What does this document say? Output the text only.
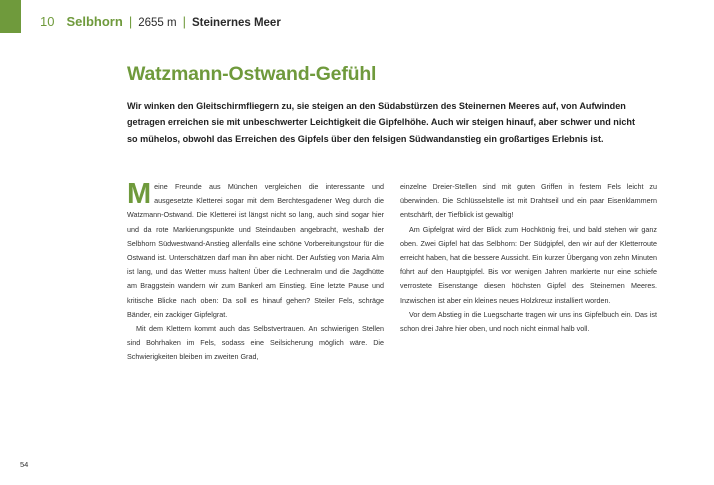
10 Selbhorn | 2655 m | Steinernes Meer
Watzmann-Ostwand-Gefühl

Wir winken den Gleitschirmfliegern zu, sie steigen an den Südabstürzen des Steinernen Meeres auf, von Aufwinden getragen erreichen sie mit unbeschwerter Leichtigkeit die Gipfelhöhe. Auch wir steigen hinauf, aber schwer und nicht so mühelos, obwohl das Erreichen des Gipfels über den felsigen Südwandanstieg ein großartiges Erlebnis ist.

Meine Freunde aus München vergleichen die interessante und ausgesetzte Kletterei sogar mit dem Berchtesgadener Weg durch die Watzmann-Ostwand. Die Kletterei ist längst nicht so lang, auch sind sogar hier und da rote Markierungspunkte und Steindauben angebracht, weshalb der Selbhorn Südwestwand-Anstieg allenfalls eine schöne Vorbereitungstour für die Ostwand ist. Unterschätzen darf man ihn aber nicht. Der Aufstieg von Maria Alm ist lang, und das Wetter muss halten! Über die Lechneralm und die Jagdhütte am Braggstein wandern wir zum Bankerl am Einstieg. Eine letzte Pause und kritische Blicke nach oben: Da soll es hinauf gehen? Steiler Fels, schräge Bänder, ein zackiger Gipfelgrat.

Mit dem Klettern kommt auch das Selbstvertrauen. An schwierigen Stellen sind Bohrhaken im Fels, sodass eine Seilsicherung möglich wäre. Die Schwierigkeiten bleiben im zweiten Grad,

einzelne Dreier-Stellen sind mit guten Griffen in festem Fels leicht zu überwinden. Die Schlüsselstelle ist mit Drahtseil und ein paar Eisenklammern entschärft, der Tiefblick ist gewaltig!

Am Gipfelgrat wird der Blick zum Hochkönig frei, und bald stehen wir ganz oben. Zwei Gipfel hat das Selbhorn: Der Südgipfel, den wir auf der Kletterroute erreicht haben, hat die bessere Aussicht. Ein kurzer Übergang von zehn Minuten führt auf den Hauptgipfel. Bis vor wenigen Jahren markierte nur eine schiefe verrostete Eisenstange diesen höchsten Gipfel des Steinernen Meeres. Inzwischen ist aber ein kleines neues Holzkreuz installiert worden.

Vor dem Abstieg in die Luegscharte tragen wir uns ins Gipfelbuch ein. Das ist schon drei Jahre hier oben, und noch nicht einmal halb voll.

54
